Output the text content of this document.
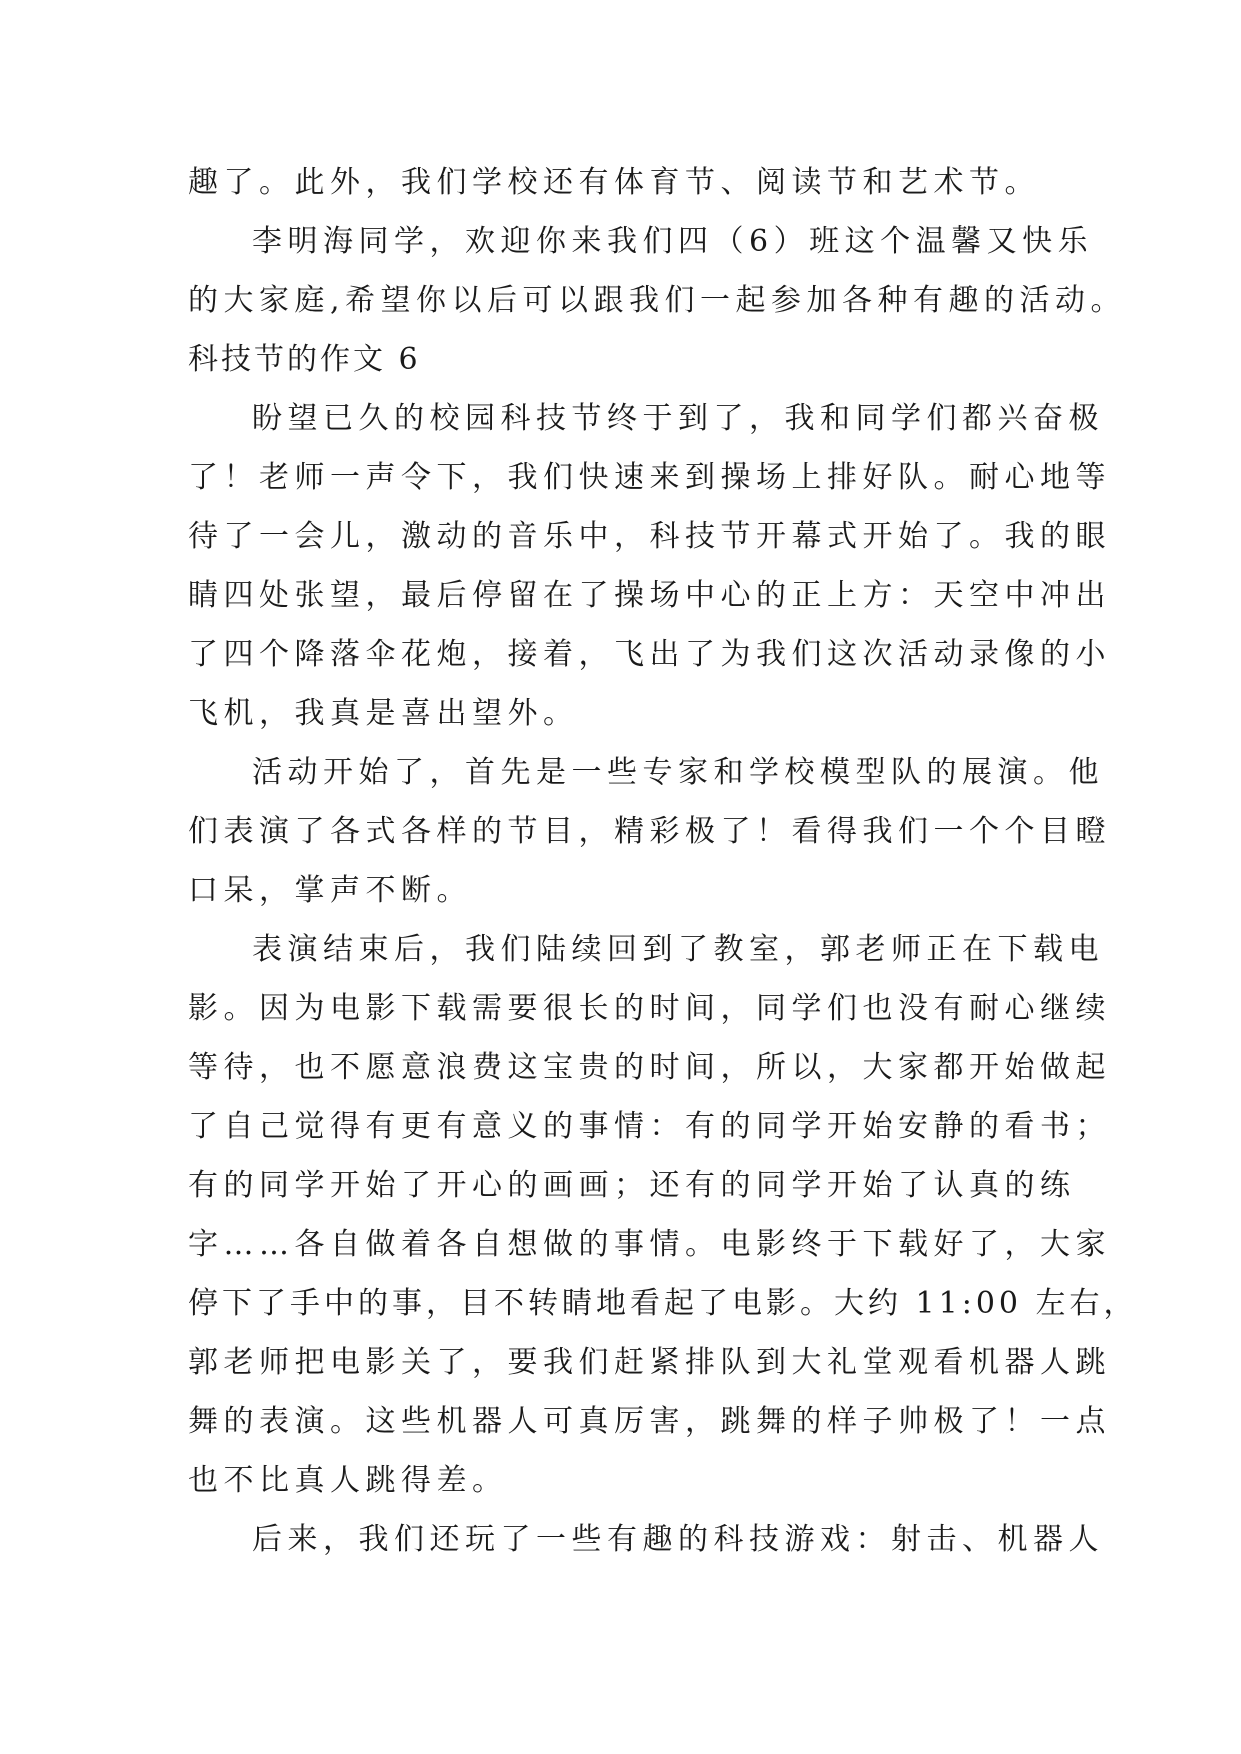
趣了。此外，我们学校还有体育节、阅读节和艺术节。
李明海同学，欢迎你来我们四（6）班这个温馨又快乐
的大家庭,希望你以后可以跟我们一起参加各种有趣的活动。
科技节的作文 6
盼望已久的校园科技节终于到了，我和同学们都兴奋极
了！老师一声令下，我们快速来到操场上排好队。耐心地等
待了一会儿，激动的音乐中，科技节开幕式开始了。我的眼
睛四处张望，最后停留在了操场中心的正上方：天空中冲出
了四个降落伞花炮，接着，飞出了为我们这次活动录像的小
飞机，我真是喜出望外。
活动开始了，首先是一些专家和学校模型队的展演。他
们表演了各式各样的节目，精彩极了！看得我们一个个目瞪
口呆，掌声不断。
表演结束后，我们陆续回到了教室，郭老师正在下载电
影。因为电影下载需要很长的时间，同学们也没有耐心继续
等待，也不愿意浪费这宝贵的时间，所以，大家都开始做起
了自己觉得有更有意义的事情：有的同学开始安静的看书；
有的同学开始了开心的画画；还有的同学开始了认真的练
字……各自做着各自想做的事情。电影终于下载好了，大家
停下了手中的事，目不转睛地看起了电影。大约 11:00 左右，
郭老师把电影关了，要我们赶紧排队到大礼堂观看机器人跳
舞的表演。这些机器人可真厉害，跳舞的样子帅极了！一点
也不比真人跳得差。
后来，我们还玩了一些有趣的科技游戏：射击、机器人
